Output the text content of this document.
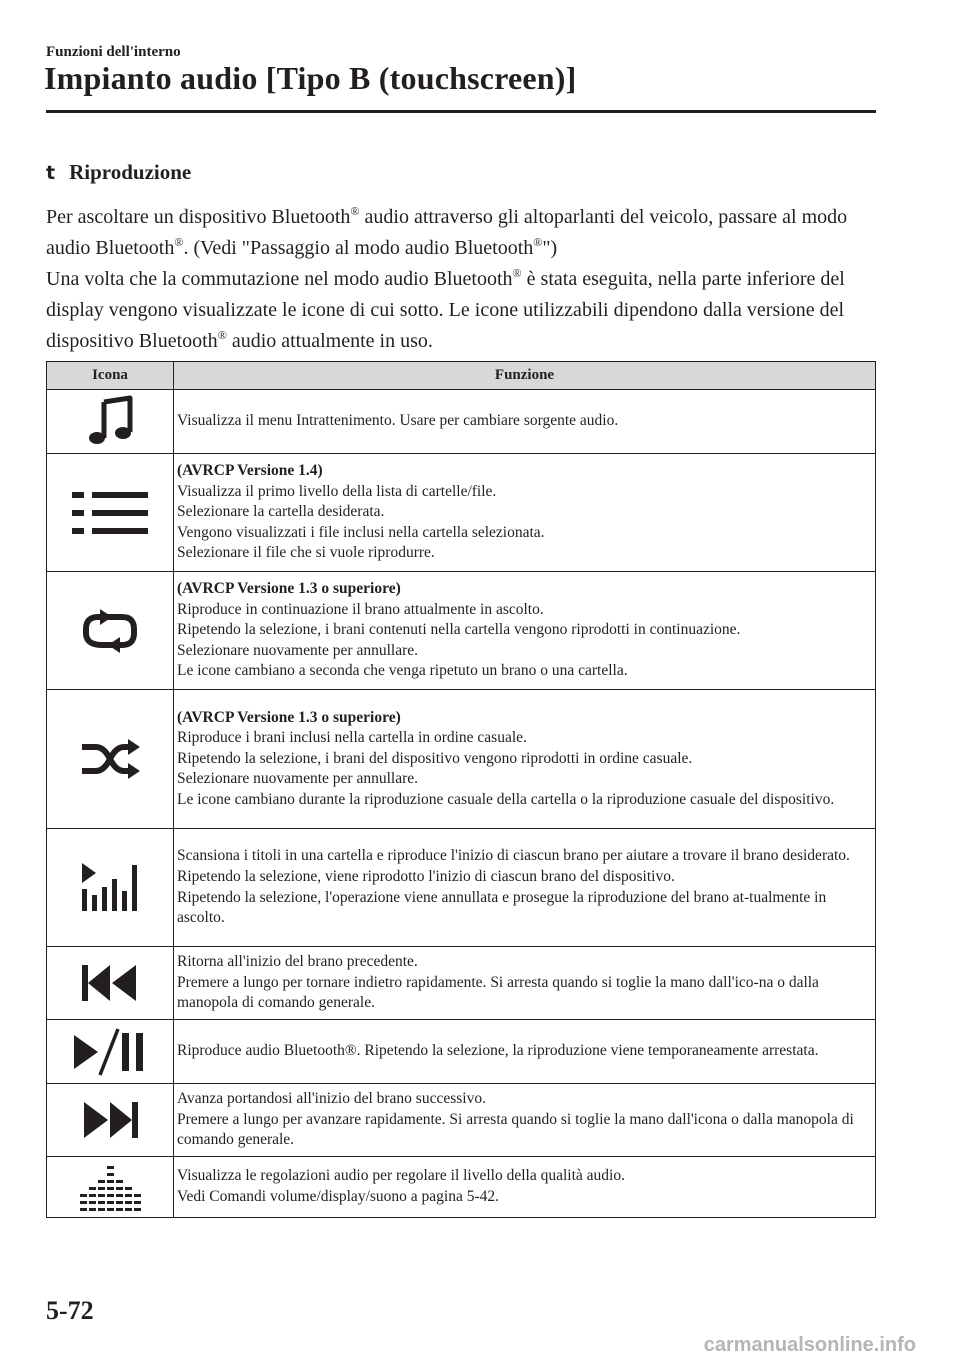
Funzioni dell'interno
Impianto audio [Tipo B (touchscreen)]
t Riproduzione

Per ascoltare un dispositivo Bluetooth® audio attraverso gli altoparlanti del veicolo, passare al modo audio Bluetooth®. (Vedi "Passaggio al modo audio Bluetooth®")

Una volta che la commutazione nel modo audio Bluetooth® è stata eseguita, nella parte inferiore del display vengono visualizzate le icone di cui sotto. Le icone utilizzabili dipendono dalla versione del dispositivo Bluetooth® audio attualmente in uso.

Icona	Funzione

Visualizza il menu Intrattenimento. Usare per cambiare sorgente audio.

(AVRCP Versione 1.4)
Visualizza il primo livello della lista di cartelle/file.
Selezionare la cartella desiderata.
Vengono visualizzati i file inclusi nella cartella selezionata.
Selezionare il file che si vuole riprodurre.

(AVRCP Versione 1.3 o superiore)
Riproduce in continuazione il brano attualmente in ascolto.
Ripetendo la selezione, i brani contenuti nella cartella vengono riprodotti in continuazione.
Selezionare nuovamente per annullare.
Le icone cambiano a seconda che venga ripetuto un brano o una cartella.

(AVRCP Versione 1.3 o superiore)
Riproduce i brani inclusi nella cartella in ordine casuale.
Ripetendo la selezione, i brani del dispositivo vengono riprodotti in ordine casuale.
Selezionare nuovamente per annullare.
Le icone cambiano durante la riproduzione casuale della cartella o la riproduzione casuale del dispositivo.

Scansiona i titoli in una cartella e riproduce l'inizio di ciascun brano per aiutare a trovare il brano desiderato.
Ripetendo la selezione, viene riprodotto l'inizio di ciascun brano del dispositivo.
Ripetendo la selezione, l'operazione viene annullata e prosegue la riproduzione del brano at-tualmente in ascolto.

Ritorna all'inizio del brano precedente.
Premere a lungo per tornare indietro rapidamente. Si arresta quando si toglie la mano dall'ico-na o dalla manopola di comando generale.

Riproduce audio Bluetooth®. Ripetendo la selezione, la riproduzione viene temporaneamente arrestata.

Avanza portandosi all'inizio del brano successivo.
Premere a lungo per avanzare rapidamente. Si arresta quando si toglie la mano dall'icona o dalla manopola di comando generale.

Visualizza le regolazioni audio per regolare il livello della qualità audio.
Vedi Comandi volume/display/suono a pagina 5-42.
5-72
carmanualsonline.info
